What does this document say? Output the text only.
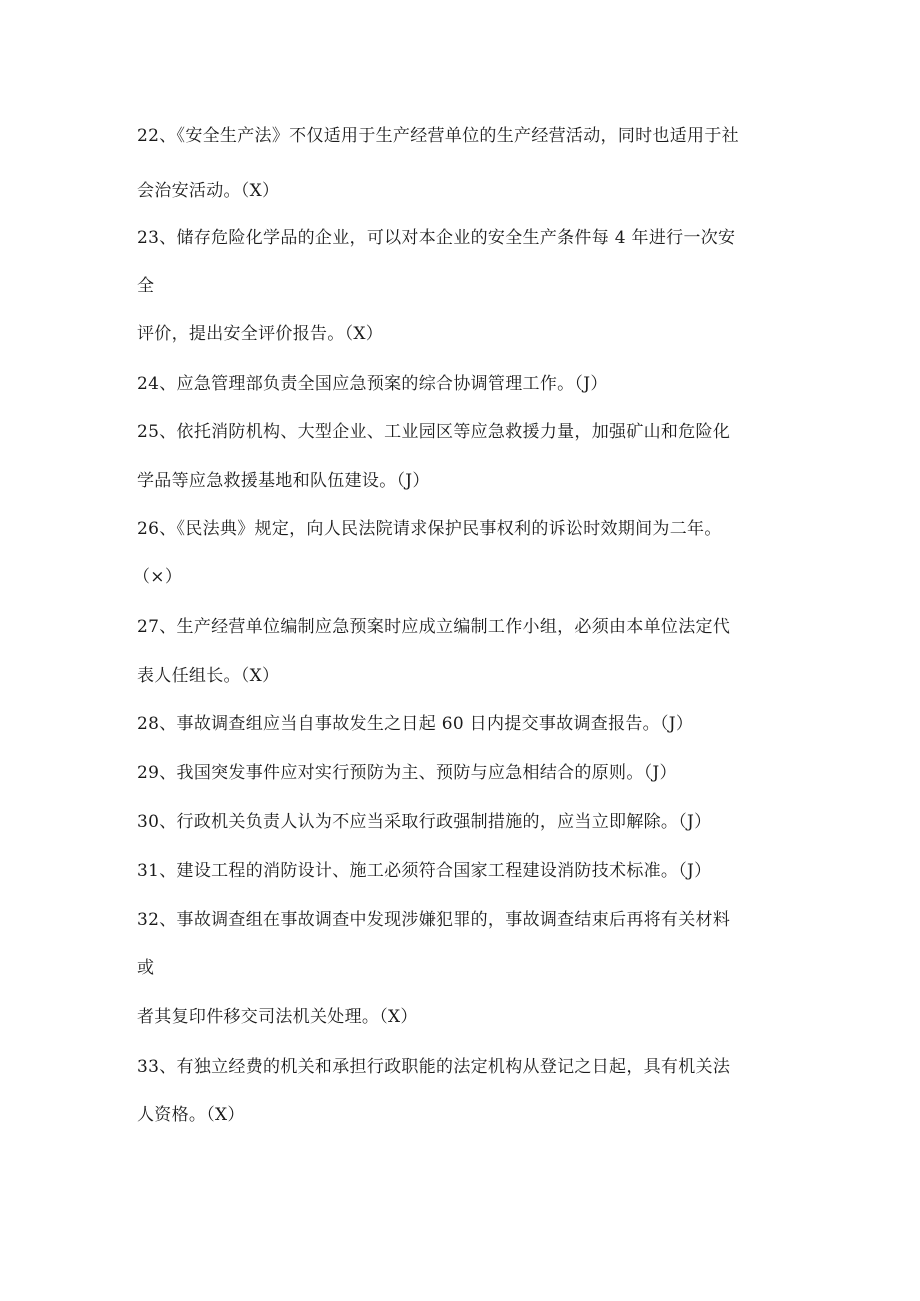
22、《安全生产法》不仅适用于生产经营单位的生产经营活动，同时也适用于社
会治安活动。（X）
23、储存危险化学品的企业，可以对本企业的安全生产条件每 4 年进行一次安
全
评价，提出安全评价报告。（X）
24、应急管理部负责全国应急预案的综合协调管理工作。（J）
25、依托消防机构、大型企业、工业园区等应急救援力量，加强矿山和危险化
学品等应急救援基地和队伍建设。（J）
26、《民法典》规定，向人民法院请求保护民事权利的诉讼时效期间为二年。
（×）
27、生产经营单位编制应急预案时应成立编制工作小组，必须由本单位法定代
表人任组长。（X）
28、事故调查组应当自事故发生之日起 60 日内提交事故调查报告。（J）
29、我国突发事件应对实行预防为主、预防与应急相结合的原则。（J）
30、行政机关负责人认为不应当采取行政强制措施的，应当立即解除。（J）
31、建设工程的消防设计、施工必须符合国家工程建设消防技术标准。（J）
32、事故调查组在事故调查中发现涉嫌犯罪的，事故调查结束后再将有关材料
或
者其复印件移交司法机关处理。（X）
33、有独立经费的机关和承担行政职能的法定机构从登记之日起，具有机关法
人资格。（X）
